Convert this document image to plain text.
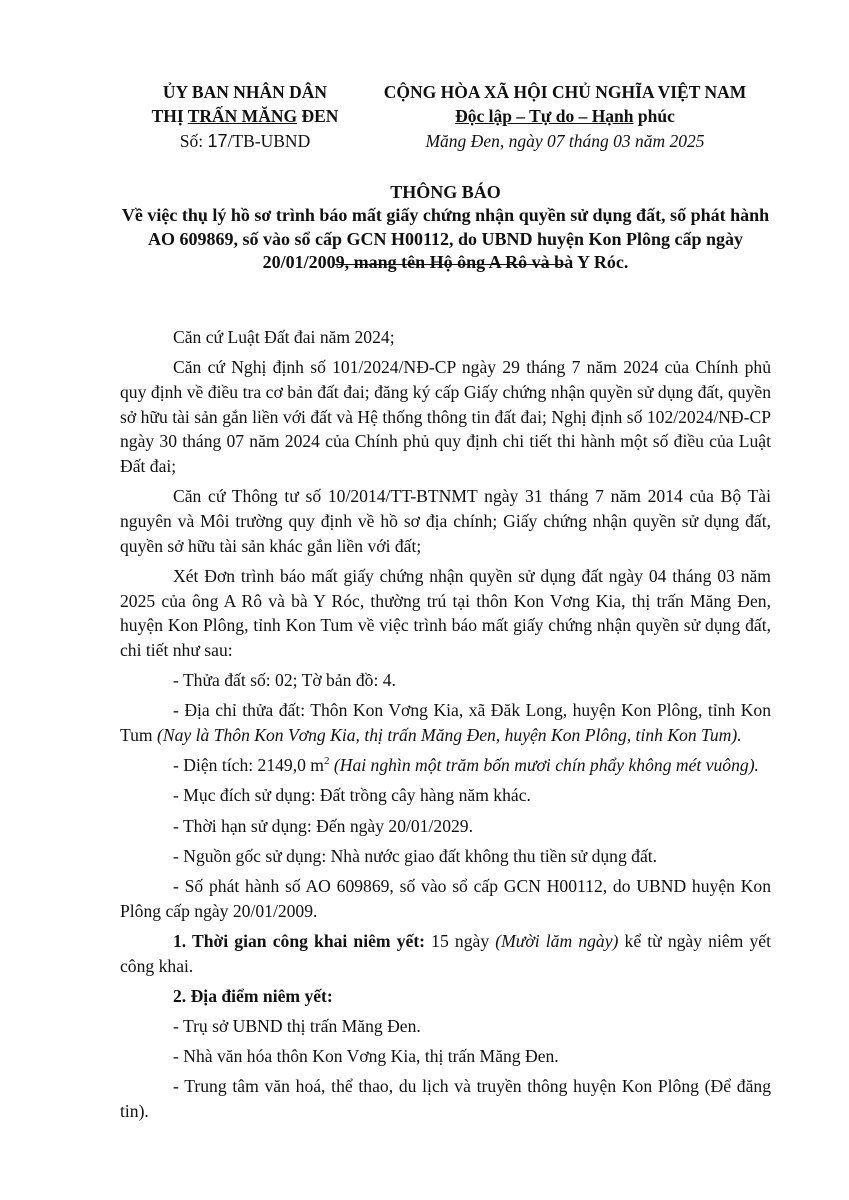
ỦY BAN NHÂN DÂN
THỊ TRẤN MĂNG ĐEN
Số: 17/TB-UBND
CỘNG HÒA XÃ HỘI CHỦ NGHĨA VIỆT NAM
Độc lập – Tự do – Hạnh phúc
Măng Đen, ngày 07 tháng 03 năm 2025
THÔNG BÁO
Về việc thụ lý hồ sơ trình báo mất giấy chứng nhận quyền sử dụng đất, số phát hành AO 609869, số vào sổ cấp GCN H00112, do UBND huyện Kon Plông cấp ngày 20/01/2009, mang tên Hộ ông A Rô và bà Y Róc.

Căn cứ Luật Đất đai năm 2024;

Căn cứ Nghị định số 101/2024/NĐ-CP ngày 29 tháng 7 năm 2024 của Chính phủ quy định về điều tra cơ bản đất đai; đăng ký cấp Giấy chứng nhận quyền sử dụng đất, quyền sở hữu tài sản gắn liền với đất và Hệ thống thông tin đất đai; Nghị định số 102/2024/NĐ-CP ngày 30 tháng 07 năm 2024 của Chính phủ quy định chi tiết thi hành một số điều của Luật Đất đai;

Căn cứ Thông tư số 10/2014/TT-BTNMT ngày 31 tháng 7 năm 2014 của Bộ Tài nguyên và Môi trường quy định về hồ sơ địa chính; Giấy chứng nhận quyền sử dụng đất, quyền sở hữu tài sản khác gắn liền với đất;

Xét Đơn trình báo mất giấy chứng nhận quyền sử dụng đất ngày 04 tháng 03 năm 2025 của ông A Rô và bà Y Róc, thường trú tại thôn Kon Vơng Kia, thị trấn Măng Đen, huyện Kon Plông, tỉnh Kon Tum về việc trình báo mất giấy chứng nhận quyền sử dụng đất, chi tiết như sau:

- Thửa đất số: 02; Tờ bản đồ: 4.

- Địa chỉ thửa đất: Thôn Kon Vơng Kia, xã Đăk Long, huyện Kon Plông, tỉnh Kon Tum (Nay là Thôn Kon Vơng Kia, thị trấn Măng Đen, huyện Kon Plông, tỉnh Kon Tum).

- Diện tích: 2149,0 $m^2$ (Hai nghìn một trăm bốn mươi chín phẩy không mét vuông).

- Mục đích sử dụng: Đất trồng cây hàng năm khác.

- Thời hạn sử dụng: Đến ngày 20/01/2029.

- Nguồn gốc sử dụng: Nhà nước giao đất không thu tiền sử dụng đất.

- Số phát hành số AO 609869, số vào sổ cấp GCN H00112, do UBND huyện Kon Plông cấp ngày 20/01/2009.

1. Thời gian công khai niêm yết: 15 ngày (Mười lăm ngày) kể từ ngày niêm yết công khai.

2. Địa điểm niêm yết:

- Trụ sở UBND thị trấn Măng Đen.

- Nhà văn hóa thôn Kon Vơng Kia, thị trấn Măng Đen.

- Trung tâm văn hoá, thể thao, du lịch và truyền thông huyện Kon Plông (Để đăng tin).
